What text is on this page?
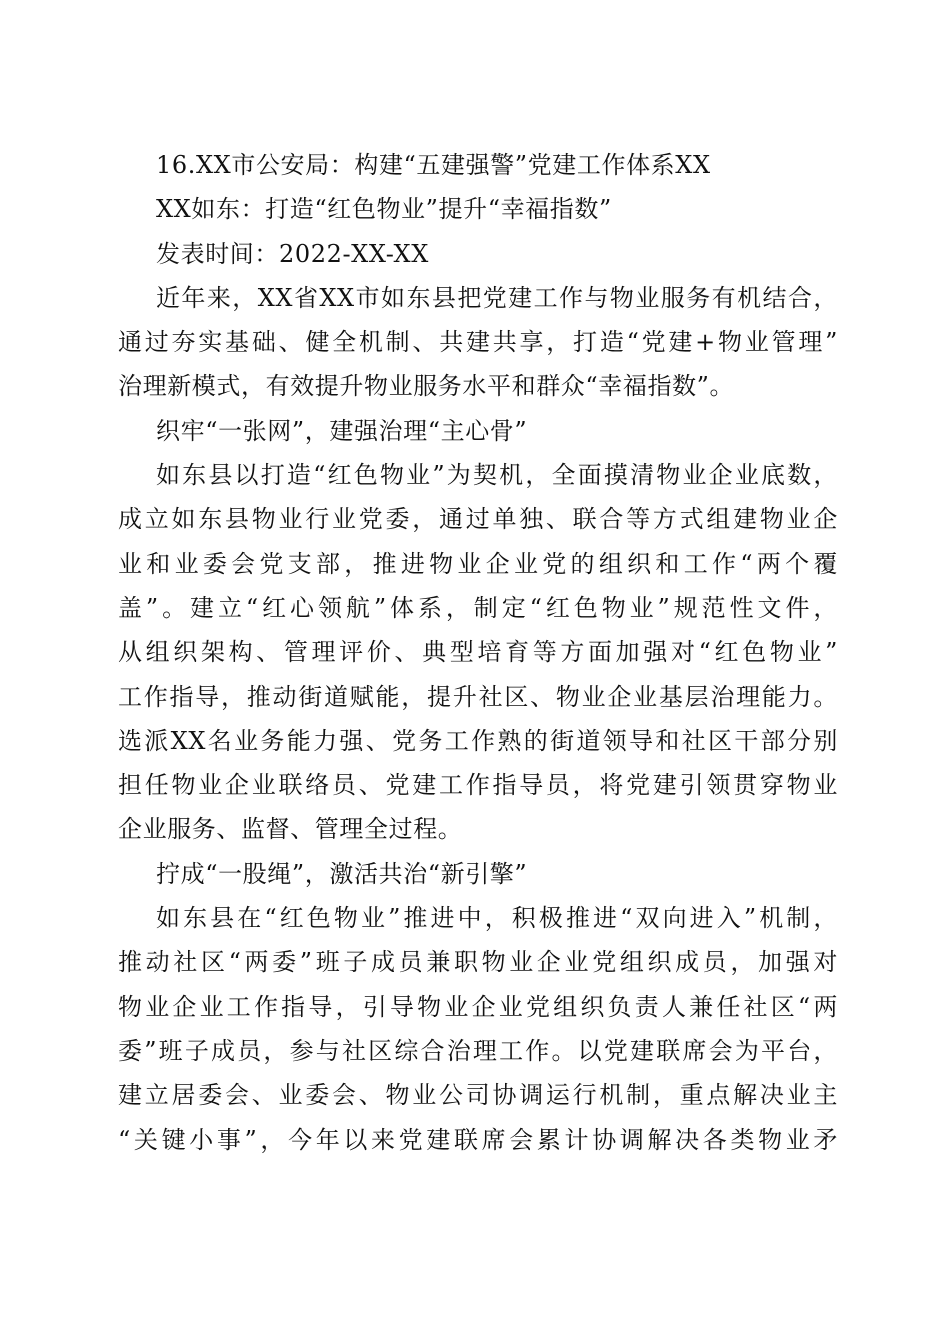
16.XX市公安局：构建“五建强警”党建工作体系XX
XX如东：打造“红色物业”提升“幸福指数”
发表时间：2022-XX-XX
近年来，XX省XX市如东县把党建工作与物业服务有机结合，
通过夯实基础、健全机制、共建共享，打造“党建+物业管理”
治理新模式，有效提升物业服务水平和群众“幸福指数”。
织牢“一张网”，建强治理“主心骨”
如东县以打造“红色物业”为契机，全面摸清物业企业底数，
成立如东县物业行业党委，通过单独、联合等方式组建物业企
业和业委会党支部，推进物业企业党的组织和工作“两个覆
盖”。建立“红心领航”体系，制定“红色物业”规范性文件，
从组织架构、管理评价、典型培育等方面加强对“红色物业”
工作指导，推动街道赋能，提升社区、物业企业基层治理能力。
选派XX名业务能力强、党务工作熟的街道领导和社区干部分别
担任物业企业联络员、党建工作指导员，将党建引领贯穿物业
企业服务、监督、管理全过程。
拧成“一股绳”，激活共治“新引擎”
如东县在“红色物业”推进中，积极推进“双向进入”机制，
推动社区“两委”班子成员兼职物业企业党组织成员，加强对
物业企业工作指导，引导物业企业党组织负责人兼任社区“两
委”班子成员，参与社区综合治理工作。以党建联席会为平台，
建立居委会、业委会、物业公司协调运行机制，重点解决业主
“关键小事”，今年以来党建联席会累计协调解决各类物业矛
